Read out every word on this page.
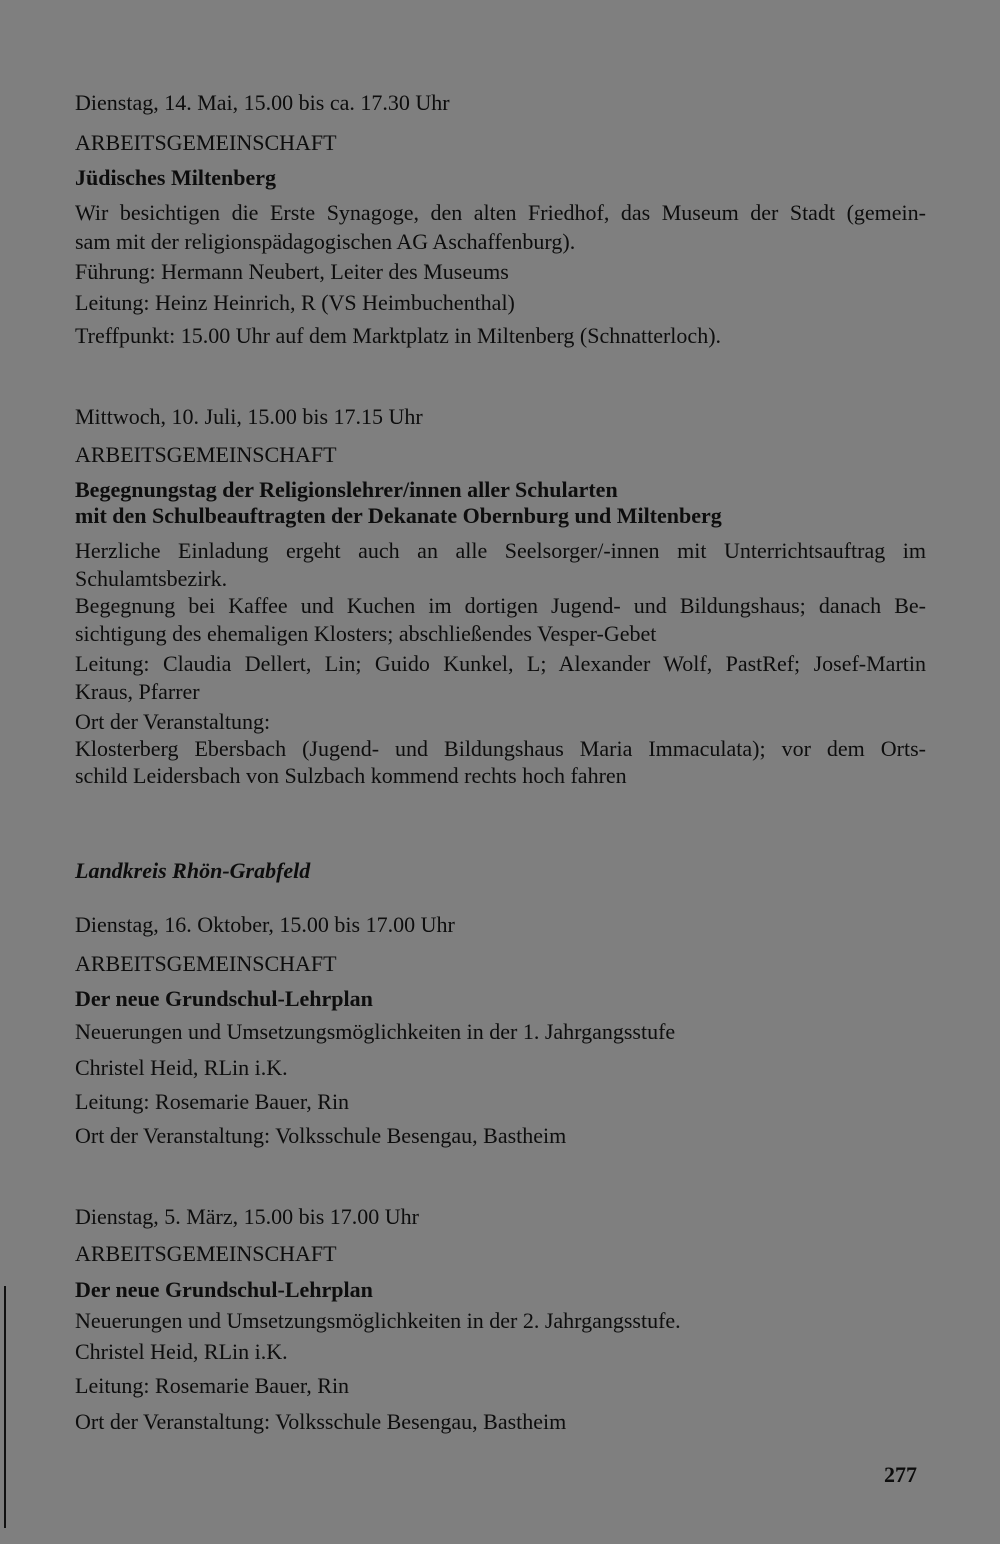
Dienstag, 14. Mai, 15.00 bis ca. 17.30 Uhr
ARBEITSGEMEINSCHAFT
Jüdisches Miltenberg
Wir besichtigen die Erste Synagoge, den alten Friedhof, das Museum der Stadt (gemein-
sam mit der religionspädagogischen AG Aschaffenburg).
Führung: Hermann Neubert, Leiter des Museums
Leitung: Heinz Heinrich, R (VS Heimbuchenthal)
Treffpunkt: 15.00 Uhr auf dem Marktplatz in Miltenberg (Schnatterloch).
Mittwoch, 10. Juli, 15.00 bis 17.15 Uhr
ARBEITSGEMEINSCHAFT
Begegnungstag der Religionslehrer/innen aller Schularten
mit den Schulbeauftragten der Dekanate Obernburg und Miltenberg
Herzliche Einladung ergeht auch an alle Seelsorger/-innen mit Unterrichtsauftrag im
Schulamtsbezirk.
Begegnung bei Kaffee und Kuchen im dortigen Jugend- und Bildungshaus; danach Be-
sichtigung des ehemaligen Klosters; abschließendes Vesper-Gebet
Leitung: Claudia Dellert, Lin; Guido Kunkel, L; Alexander Wolf, PastRef; Josef-Martin
Kraus, Pfarrer
Ort der Veranstaltung:
Klosterberg Ebersbach (Jugend- und Bildungshaus Maria Immaculata); vor dem Orts-
schild Leidersbach von Sulzbach kommend rechts hoch fahren
Landkreis Rhön-Grabfeld
Dienstag, 16. Oktober, 15.00 bis 17.00 Uhr
ARBEITSGEMEINSCHAFT
Der neue Grundschul-Lehrplan
Neuerungen und Umsetzungsmöglichkeiten in der 1. Jahrgangsstufe
Christel Heid, RLin i.K.
Leitung: Rosemarie Bauer, Rin
Ort der Veranstaltung: Volksschule Besengau, Bastheim
Dienstag, 5. März, 15.00 bis 17.00 Uhr
ARBEITSGEMEINSCHAFT
Der neue Grundschul-Lehrplan
Neuerungen und Umsetzungsmöglichkeiten in der 2. Jahrgangsstufe.
Christel Heid, RLin i.K.
Leitung: Rosemarie Bauer, Rin
Ort der Veranstaltung: Volksschule Besengau, Bastheim
277
